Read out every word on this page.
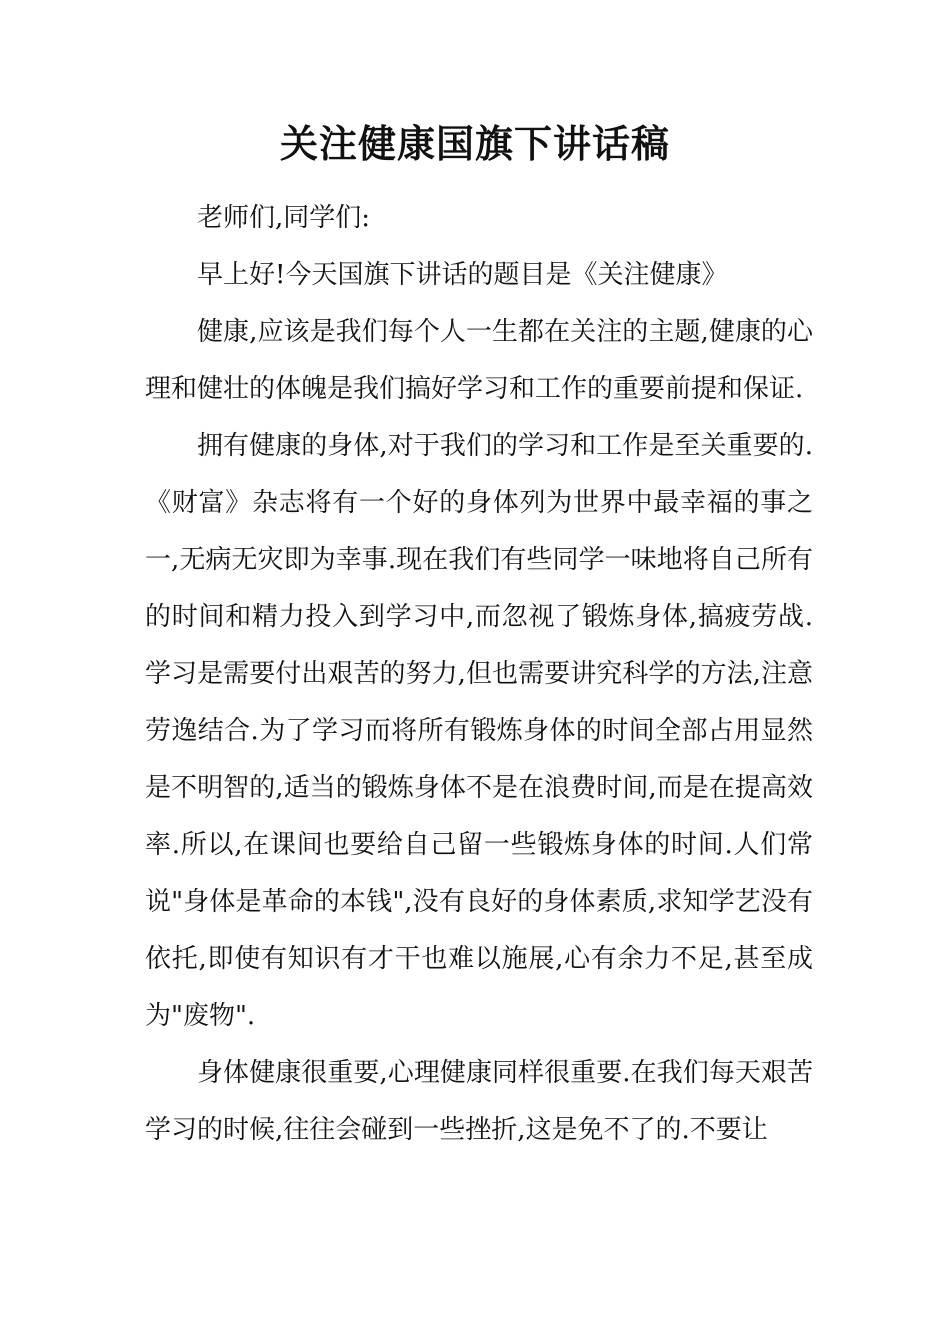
关注健康国旗下讲话稿

老师们,同学们:

早上好!今天国旗下讲话的题目是《关注健康》

健康,应该是我们每个人一生都在关注的主题,健康的心理和健壮的体魄是我们搞好学习和工作的重要前提和保证.

拥有健康的身体,对于我们的学习和工作是至关重要的.《财富》杂志将有一个好的身体列为世界中最幸福的事之一,无病无灾即为幸事.现在我们有些同学一味地将自己所有的时间和精力投入到学习中,而忽视了锻炼身体,搞疲劳战.学习是需要付出艰苦的努力,但也需要讲究科学的方法,注意劳逸结合.为了学习而将所有锻炼身体的时间全部占用显然是不明智的,适当的锻炼身体不是在浪费时间,而是在提高效率.所以,在课间也要给自己留一些锻炼身体的时间.人们常说"身体是革命的本钱",没有良好的身体素质,求知学艺没有依托,即使有知识有才干也难以施展,心有余力不足,甚至成为"废物".

身体健康很重要,心理健康同样很重要.在我们每天艰苦学习的时候,往往会碰到一些挫折,这是免不了的.不要让
